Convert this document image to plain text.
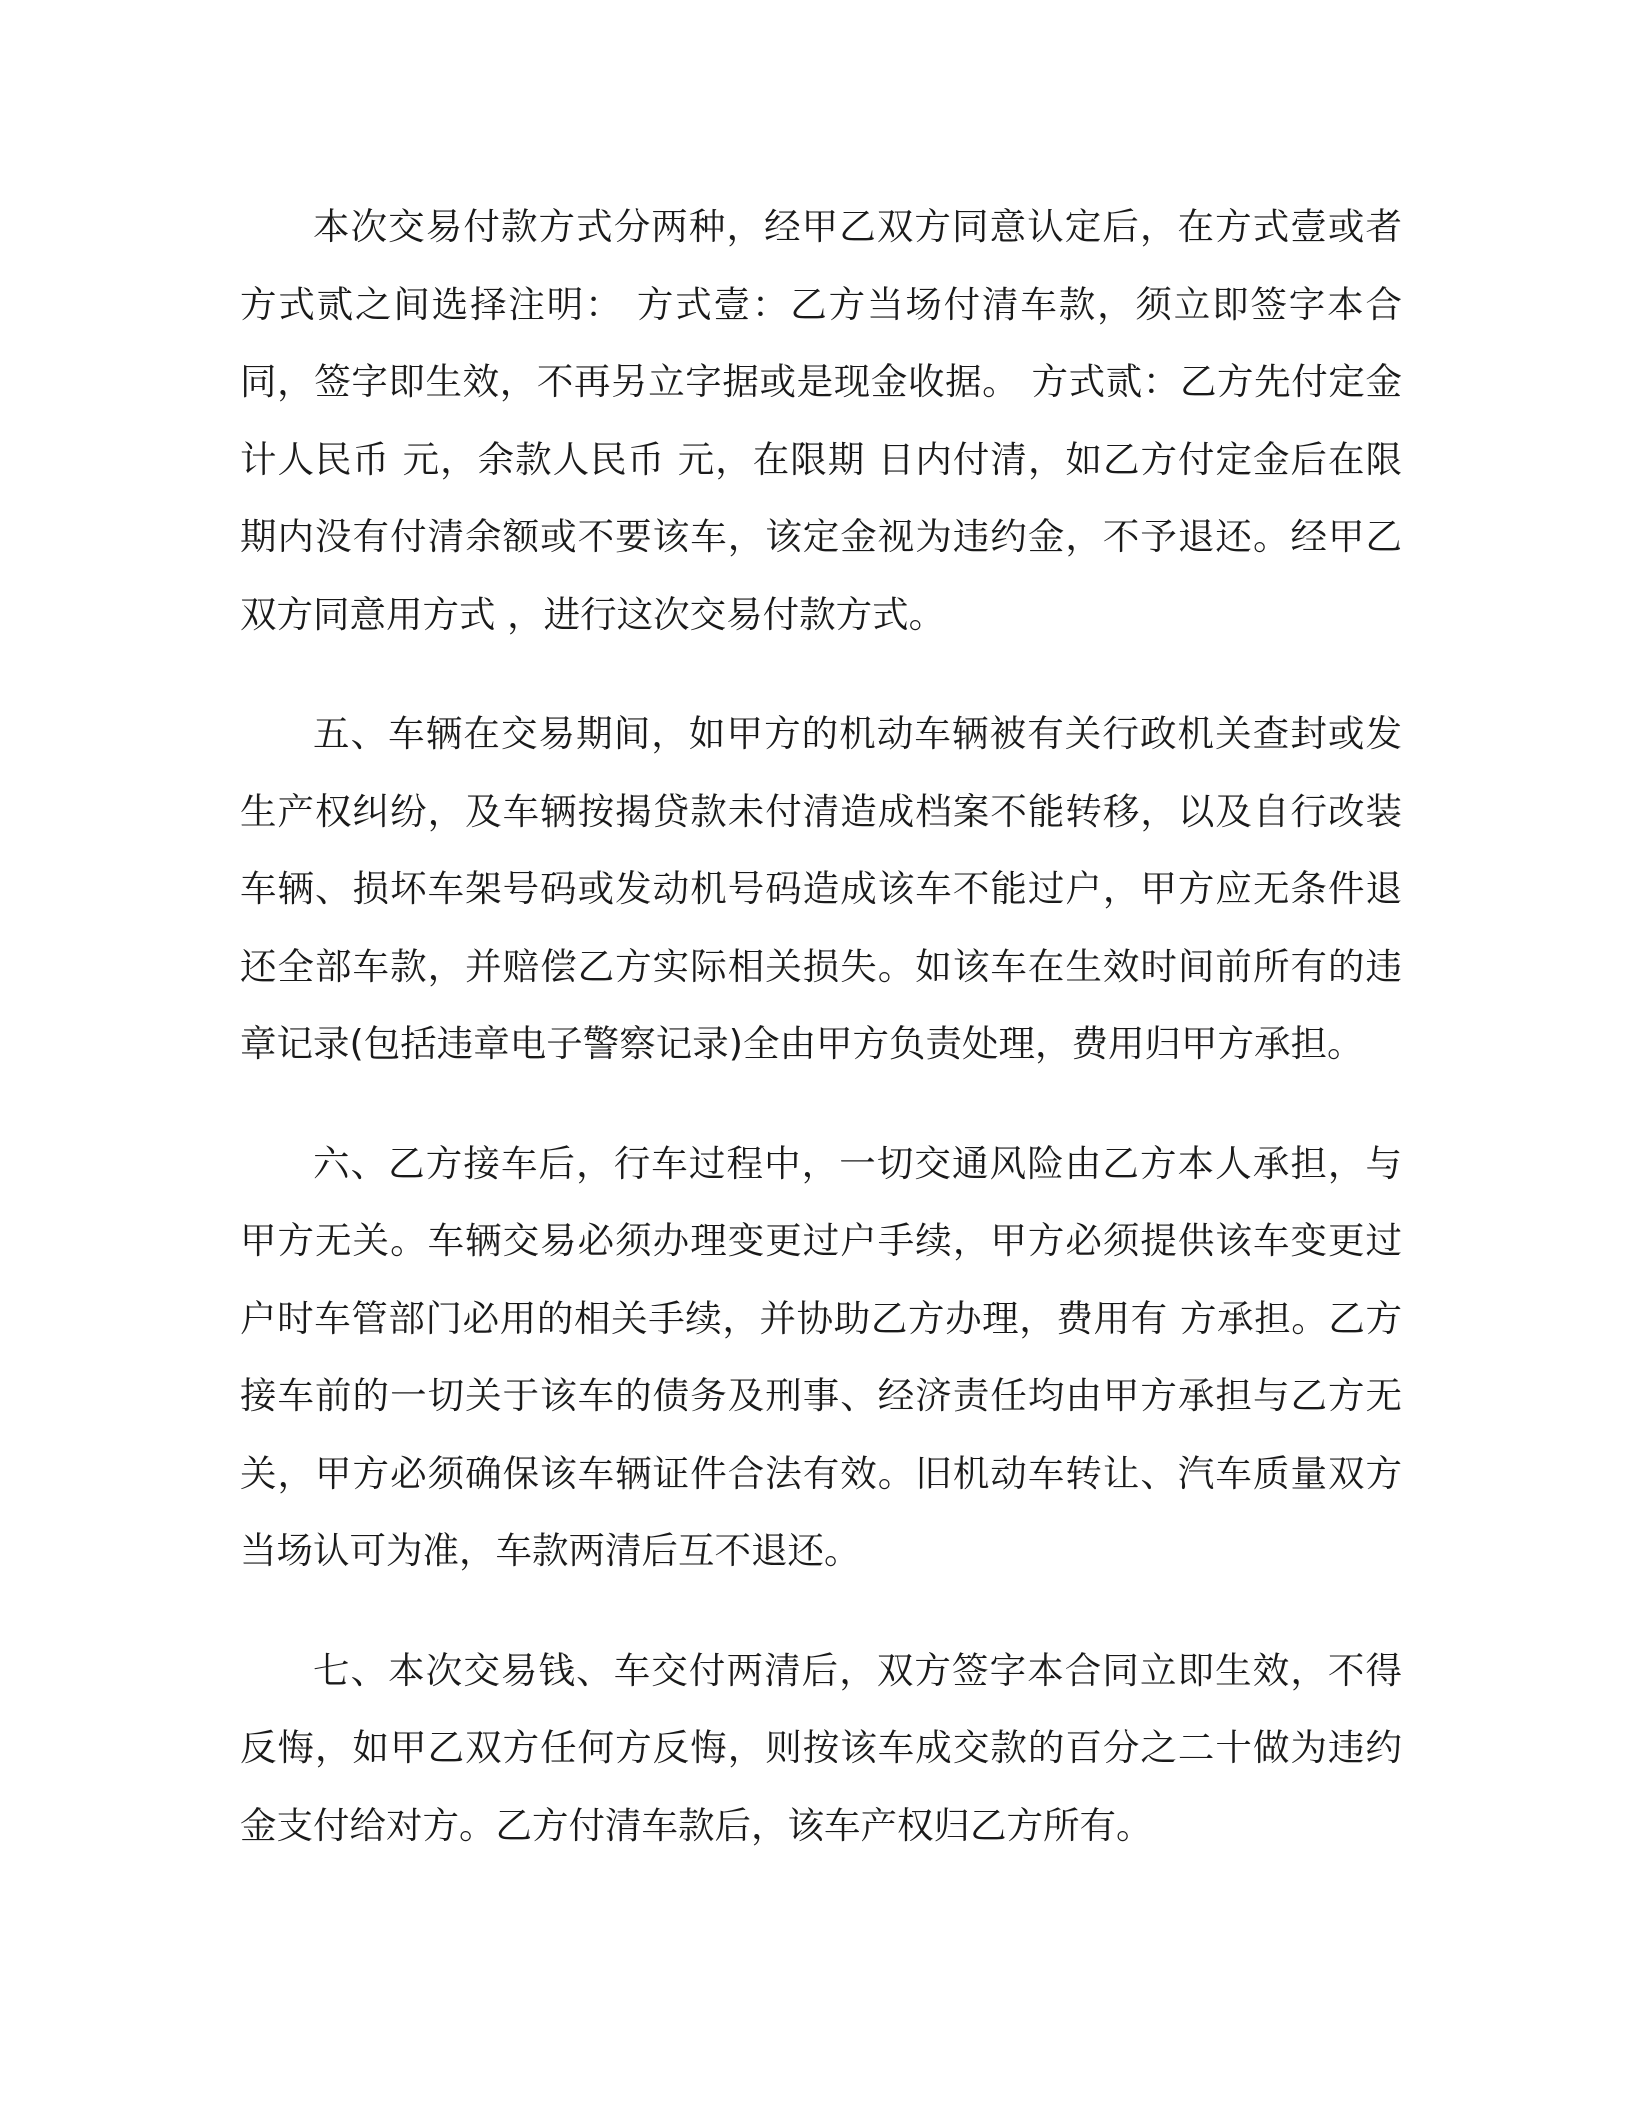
本次交易付款方式分两种，经甲乙双方同意认定后，在方式壹或者方式贰之间选择注明： 方式壹：乙方当场付清车款，须立即签字本合同，签字即生效，不再另立字据或是现金收据。 方式贰：乙方先付定金计人民币 元，余款人民币 元，在限期 日内付清，如乙方付定金后在限期内没有付清余额或不要该车，该定金视为违约金，不予退还。经甲乙双方同意用方式 ，进行这次交易付款方式。

五、车辆在交易期间，如甲方的机动车辆被有关行政机关查封或发生产权纠纷，及车辆按揭贷款未付清造成档案不能转移，以及自行改装车辆、损坏车架号码或发动机号码造成该车不能过户，甲方应无条件退还全部车款，并赔偿乙方实际相关损失。如该车在生效时间前所有的违章记录(包括违章电子警察记录)全由甲方负责处理，费用归甲方承担。

六、乙方接车后，行车过程中，一切交通风险由乙方本人承担，与甲方无关。车辆交易必须办理变更过户手续，甲方必须提供该车变更过户时车管部门必用的相关手续，并协助乙方办理，费用有 方承担。乙方接车前的一切关于该车的债务及刑事、经济责任均由甲方承担与乙方无关，甲方必须确保该车辆证件合法有效。旧机动车转让、汽车质量双方当场认可为准，车款两清后互不退还。

七、本次交易钱、车交付两清后，双方签字本合同立即生效，不得反悔，如甲乙双方任何方反悔，则按该车成交款的百分之二十做为违约金支付给对方。乙方付清车款后，该车产权归乙方所有。
